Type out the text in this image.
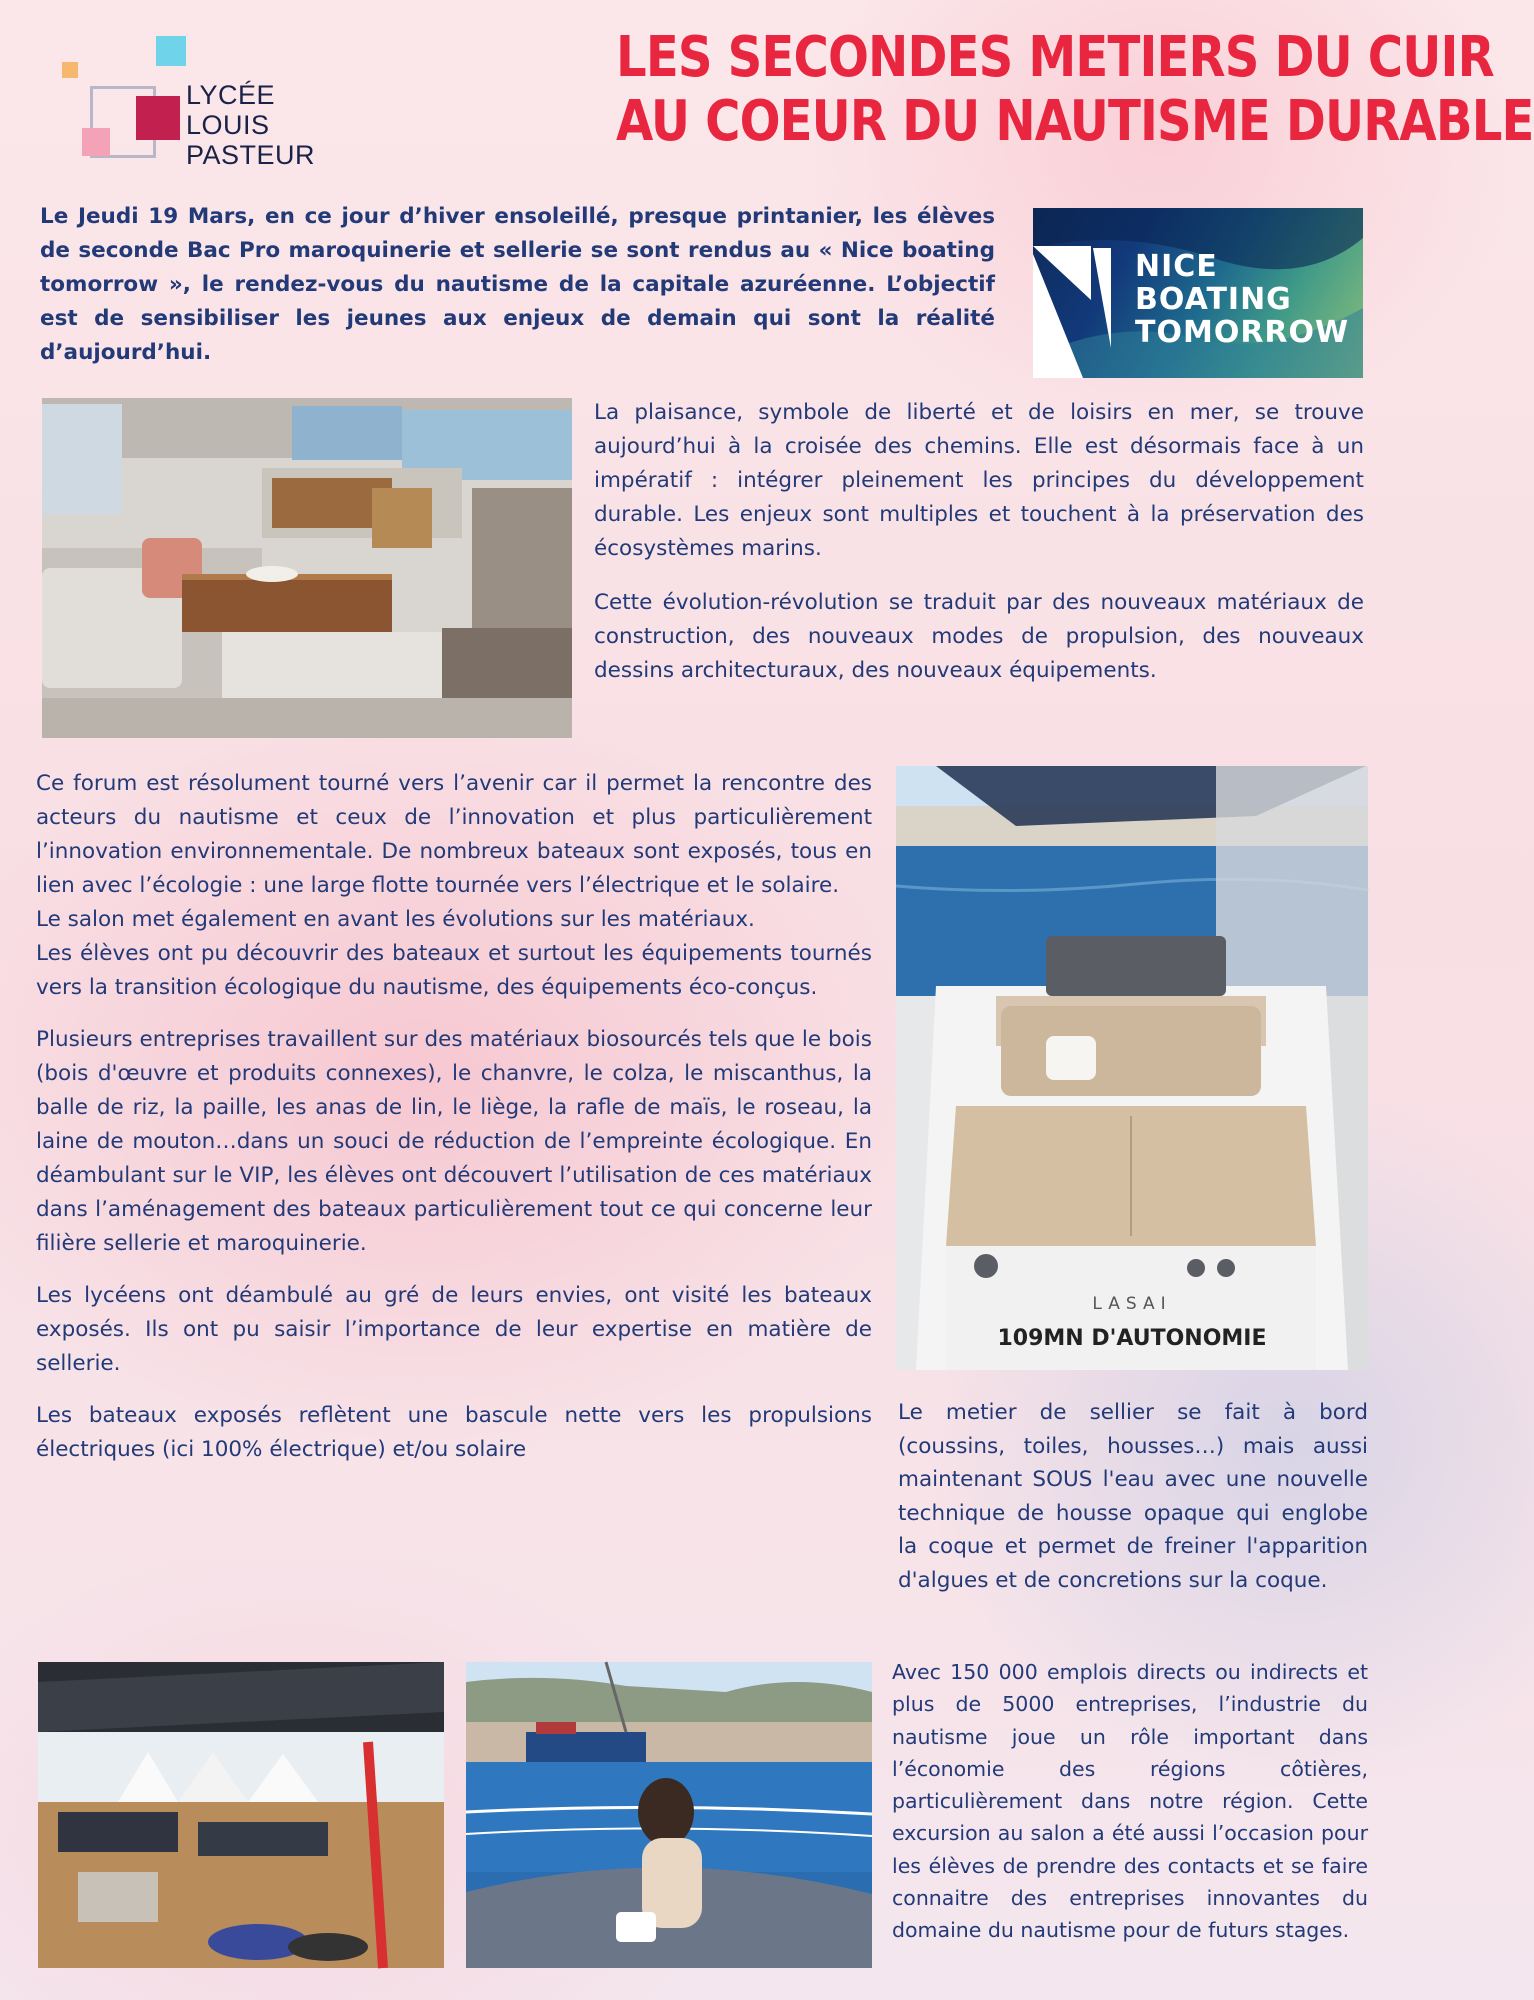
LYCÉE
LOUIS
PASTEUR
LES SECONDES METIERS DU CUIR
AU COEUR DU NAUTISME DURABLE

Le Jeudi 19 Mars, en ce jour d’hiver ensoleillé, presque printanier, les élèves de seconde Bac Pro maroquinerie et sellerie se sont rendus au « Nice boating tomorrow », le rendez-vous du nautisme de la capitale azuréenne. L’objectif est de sensibiliser les jeunes aux enjeux de demain qui sont la réalité d’aujourd’hui.

NICE
BOATING
TOMORROW

La plaisance, symbole de liberté et de loisirs en mer, se trouve aujourd’hui à la croisée des chemins. Elle est désormais face à un impératif : intégrer pleinement les principes du développement durable. Les enjeux sont multiples et touchent à la préservation des écosystèmes marins.

Cette évolution-révolution se traduit par des nouveaux matériaux de construction, des nouveaux modes de propulsion, des nouveaux dessins architecturaux, des nouveaux équipements.

Ce forum est résolument tourné vers l’avenir car il permet la rencontre des acteurs du nautisme et ceux de l’innovation et plus particulièrement l’innovation environnementale. De nombreux bateaux sont exposés, tous en lien avec l’écologie : une large flotte tournée vers l’électrique et le solaire.

Le salon met également en avant les évolutions sur les matériaux.

Les élèves ont pu découvrir des bateaux et surtout les équipements tournés vers la transition écologique du nautisme, des équipements éco-conçus.

Plusieurs entreprises travaillent sur des matériaux biosourcés tels que le bois (bois d'œuvre et produits connexes), le chanvre, le colza, le miscanthus, la balle de riz, la paille, les anas de lin, le liège, la rafle de maïs, le roseau, la laine de mouton…dans un souci de réduction de l’empreinte écologique. En déambulant sur le VIP, les élèves ont découvert l’utilisation de ces matériaux dans l’aménagement des bateaux particulièrement tout ce qui concerne leur filière sellerie et maroquinerie.

Les lycéens ont déambulé au gré de leurs envies, ont visité les bateaux exposés. Ils ont pu saisir l’importance de leur expertise en matière de sellerie.

Les bateaux exposés reflètent une bascule nette vers les propulsions électriques (ici 100% électrique) et/ou solaire

LASAI
109MN D'AUTONOMIE

Le metier de sellier se fait à bord (coussins, toiles, housses…) mais aussi maintenant SOUS l'eau avec une nouvelle technique de housse opaque qui englobe la coque et permet de freiner l'apparition d'algues et de concretions sur la coque.

Avec 150 000 emplois directs ou indirects et plus de 5000 entreprises, l’industrie du nautisme joue un rôle important dans l’économie des régions côtières, particulièrement dans notre région. Cette excursion au salon a été aussi l’occasion pour les élèves de prendre des contacts et se faire connaitre des entreprises innovantes du domaine du nautisme pour de futurs stages.
